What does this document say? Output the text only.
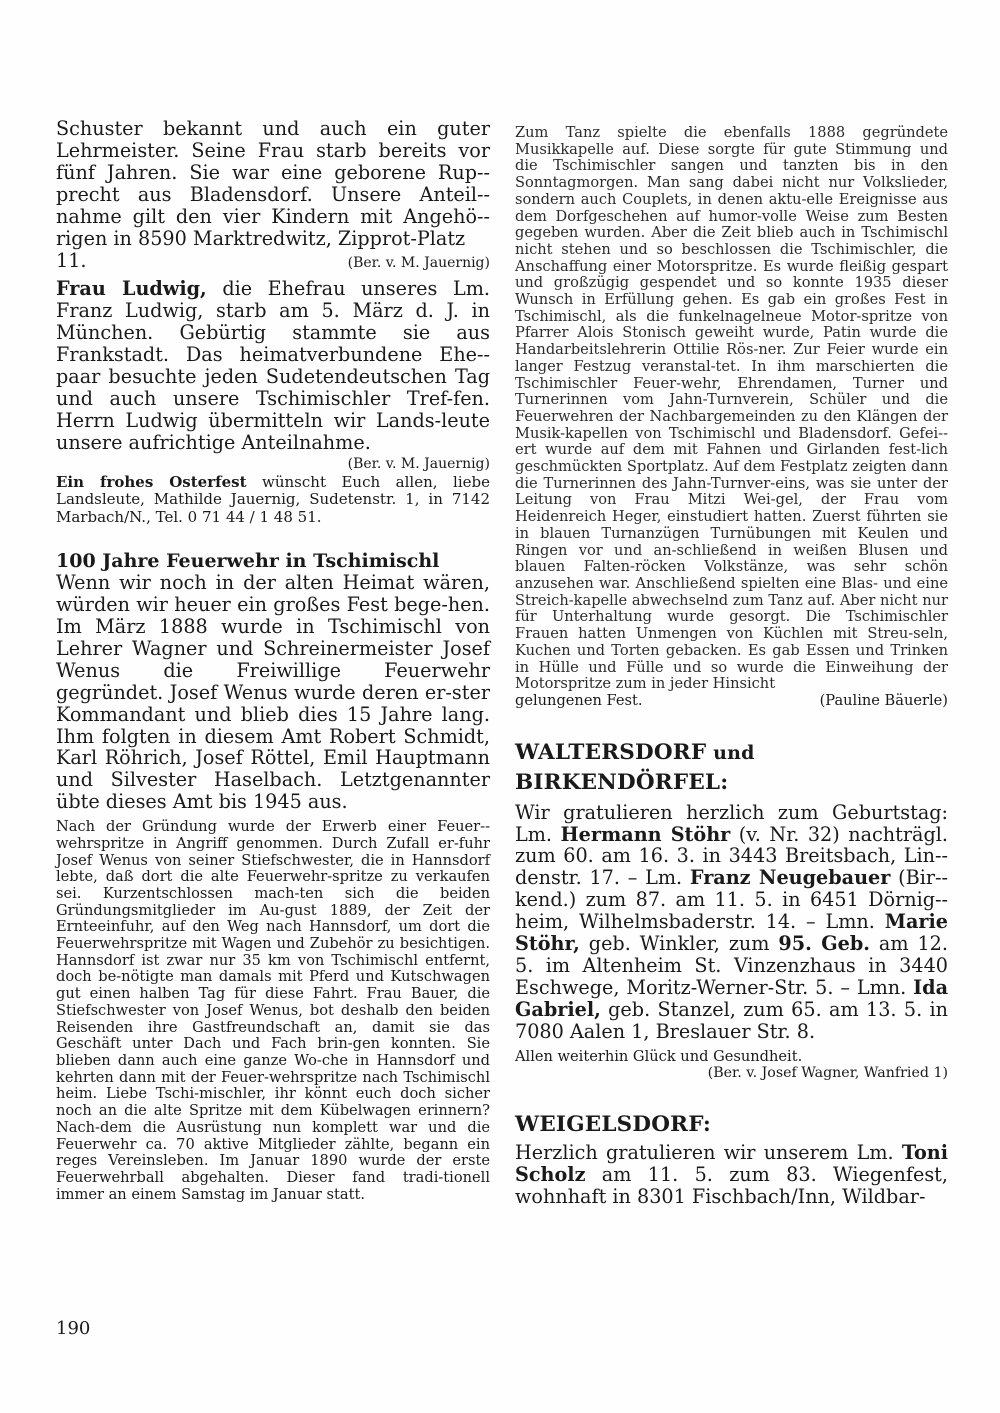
Schuster bekannt und auch ein guter Lehrmeister. Seine Frau starb bereits vor fünf Jahren. Sie war eine geborene Rup-precht aus Bladensdorf. Unsere Anteil-nahme gilt den vier Kindern mit Angehö-rigen in 8590 Marktredwitz, Zipprot-Platz

11.	(Ber. v. M. Jauernig)

Frau Ludwig, die Ehefrau unseres Lm. Franz Ludwig, starb am 5. März d. J. in München. Gebürtig stammte sie aus Frankstadt. Das heimatverbundene Ehe-paar besuchte jeden Sudetendeutschen Tag und auch unsere Tschimischler Tref-fen. Herrn Ludwig übermitteln wir Lands-leute unsere aufrichtige Anteilnahme.

(Ber. v. M. Jauernig)

Ein frohes Osterfest wünscht Euch allen, liebe Landsleute, Mathilde Jauernig, Sudetenstr. 1, in 7142 Marbach/N., Tel. 0 71 44 / 1 48 51.

100 Jahre Feuerwehr in Tschimischl

Wenn wir noch in der alten Heimat wären, würden wir heuer ein großes Fest bege-hen. Im März 1888 wurde in Tschimischl von Lehrer Wagner und Schreinermeister Josef Wenus die Freiwillige Feuerwehr gegründet. Josef Wenus wurde deren er-ster Kommandant und blieb dies 15 Jahre lang. Ihm folgten in diesem Amt Robert Schmidt, Karl Röhrich, Josef Röttel, Emil Hauptmann und Silvester Haselbach. Letztgenannter übte dieses Amt bis 1945 aus.

Nach der Gründung wurde der Erwerb einer Feuer-wehrspritze in Angriff genommen. Durch Zufall er-fuhr Josef Wenus von seiner Stiefschwester, die in Hannsdorf lebte, daß dort die alte Feuerwehr-spritze zu verkaufen sei. Kurzentschlossen mach-ten sich die beiden Gründungsmitglieder im Au-gust 1889, der Zeit der Ernteeinfuhr, auf den Weg nach Hannsdorf, um dort die Feuerwehrspritze mit Wagen und Zubehör zu besichtigen. Hannsdorf ist zwar nur 35 km von Tschimischl entfernt, doch be-nötigte man damals mit Pferd und Kutschwagen gut einen halben Tag für diese Fahrt. Frau Bauer, die Stiefschwester von Josef Wenus, bot deshalb den beiden Reisenden ihre Gastfreundschaft an, damit sie das Geschäft unter Dach und Fach brin-gen konnten. Sie blieben dann auch eine ganze Wo-che in Hannsdorf und kehrten dann mit der Feuer-wehrspritze nach Tschimischl heim. Liebe Tschi-mischler, ihr könnt euch doch sicher noch an die alte Spritze mit dem Kübelwagen erinnern? Nach-dem die Ausrüstung nun komplett war und die Feuerwehr ca. 70 aktive Mitglieder zählte, begann ein reges Vereinsleben. Im Januar 1890 wurde der erste Feuerwehrball abgehalten. Dieser fand tradi-tionell immer an einem Samstag im Januar statt.

Zum Tanz spielte die ebenfalls 1888 gegründete Musikkapelle auf. Diese sorgte für gute Stimmung und die Tschimischler sangen und tanzten bis in den Sonntagmorgen. Man sang dabei nicht nur Volkslieder, sondern auch Couplets, in denen aktu-elle Ereignisse aus dem Dorfgeschehen auf humor-volle Weise zum Besten gegeben wurden. Aber die Zeit blieb auch in Tschimischl nicht stehen und so beschlossen die Tschimischler, die Anschaffung einer Motorspritze. Es wurde fleißig gespart und großzügig gespendet und so konnte 1935 dieser Wunsch in Erfüllung gehen. Es gab ein großes Fest in Tschimischl, als die funkelnagelneue Motor-spritze von Pfarrer Alois Stonisch geweiht wurde, Patin wurde die Handarbeitslehrerin Ottilie Rös-ner. Zur Feier wurde ein langer Festzug veranstal-tet. In ihm marschierten die Tschimischler Feuer-wehr, Ehrendamen, Turner und Turnerinnen vom Jahn-Turnverein, Schüler und die Feuerwehren der Nachbargemeinden zu den Klängen der Musik-kapellen von Tschimischl und Bladensdorf. Gefei-ert wurde auf dem mit Fahnen und Girlanden fest-lich geschmückten Sportplatz. Auf dem Festplatz zeigten dann die Turnerinnen des Jahn-Turnver-eins, was sie unter der Leitung von Frau Mitzi Wei-gel, der Frau vom Heidenreich Heger, einstudiert hatten. Zuerst führten sie in blauen Turnanzügen Turnübungen mit Keulen und Ringen vor und an-schließend in weißen Blusen und blauen Falten-röcken Volkstänze, was sehr schön anzusehen war. Anschließend spielten eine Blas- und eine Streich-kapelle abwechselnd zum Tanz auf. Aber nicht nur für Unterhaltung wurde gesorgt. Die Tschimischler Frauen hatten Unmengen von Küchlen mit Streu-seln, Kuchen und Torten gebacken. Es gab Essen und Trinken in Hülle und Fülle und so wurde die Einweihung der Motorspritze zum in jeder Hinsicht

gelungenen Fest.	(Pauline Bäuerle)
WALTERSDORF und
BIRKENDÖRFEL:

Wir gratulieren herzlich zum Geburtstag: Lm. Hermann Stöhr (v. Nr. 32) nachträgl. zum 60. am 16. 3. in 3443 Breitsbach, Lin-denstr. 17. – Lm. Franz Neugebauer (Bir-kend.) zum 87. am 11. 5. in 6451 Dörnig-heim, Wilhelmsbaderstr. 14. – Lmn. Marie Stöhr, geb. Winkler, zum 95. Geb. am 12. 5. im Altenheim St. Vinzenzhaus in 3440 Eschwege, Moritz-Werner-Str. 5. – Lmn. Ida Gabriel, geb. Stanzel, zum 65. am 13. 5. in 7080 Aalen 1, Breslauer Str. 8.

Allen weiterhin Glück und Gesundheit.

(Ber. v. Josef Wagner, Wanfried 1)

WEIGELSDORF:

Herzlich gratulieren wir unserem Lm. Toni Scholz am 11. 5. zum 83. Wiegenfest, wohnhaft in 8301 Fischbach/Inn, Wildbar-

190
